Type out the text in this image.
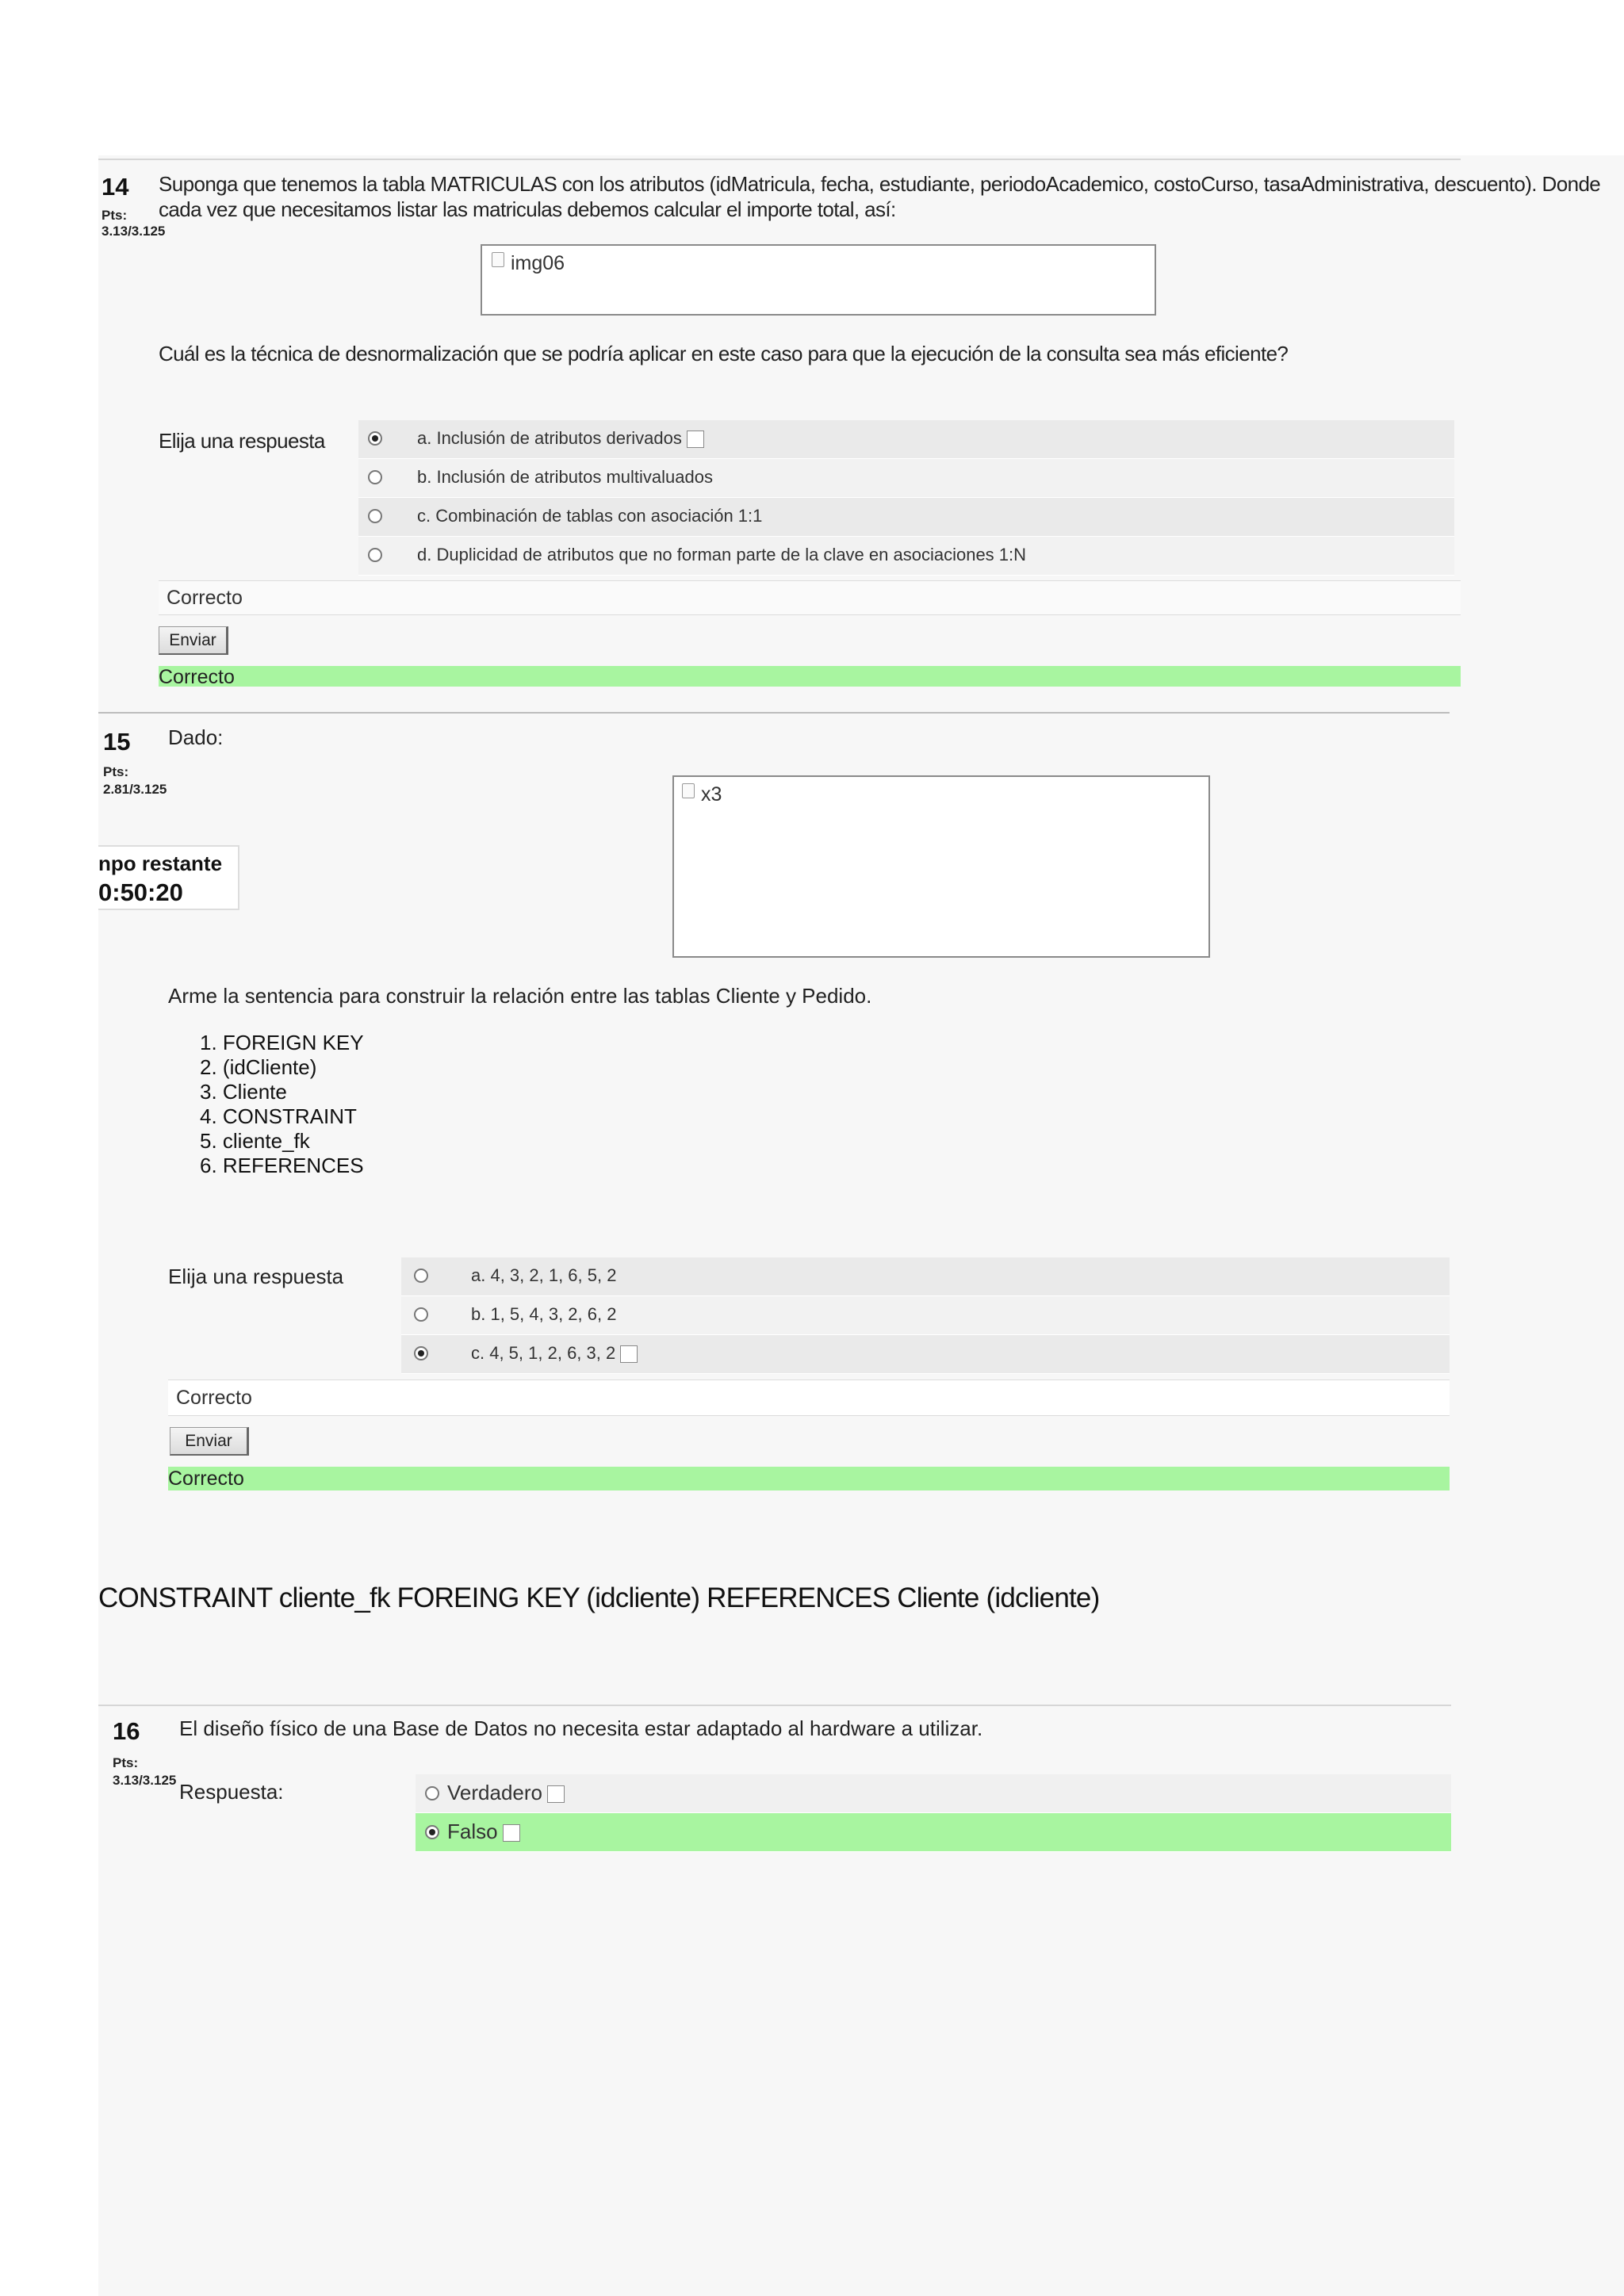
14
Pts:
3.13/3.125
Suponga que tenemos la tabla MATRICULAS con los atributos (idMatricula, fecha, estudiante, periodoAcademico, costoCurso, tasaAdministrativa, descuento). Donde
cada vez que necesitamos listar las matriculas debemos calcular el importe total, así:
img06
Cuál es la técnica de desnormalización que se podría aplicar en este caso para que la ejecución de la consulta sea más eficiente?
Elija una respuesta	a. Inclusión de atributos derivados
b. Inclusión de atributos multivaluados
c. Combinación de tablas con asociación 1:1
d. Duplicidad de atributos que no forman parte de la clave en asociaciones 1:N
Correcto
Enviar
Correcto
15 Dado:
Pts:
2.81/3.125	x3
npo restante
0:50:20
Arme la sentencia para construir la relación entre las tablas Cliente y Pedido.
1. FOREIGN KEY
2. (idCliente)
3. Cliente
4. CONSTRAINT
5. cliente_fk
6. REFERENCES
Elija una respuesta	a. 4, 3, 2, 1, 6, 5, 2
b. 1, 5, 4, 3, 2, 6, 2
c. 4, 5, 1, 2, 6, 3, 2
Correcto
Enviar
Correcto
CONSTRAINT cliente_fk FOREING KEY (idcliente) REFERENCES Cliente (idcliente)
16 El diseño físico de una Base de Datos no necesita estar adaptado al hardware a utilizar.
Pts:
3.13/3.125 Respuesta:	Verdadero
Falso
